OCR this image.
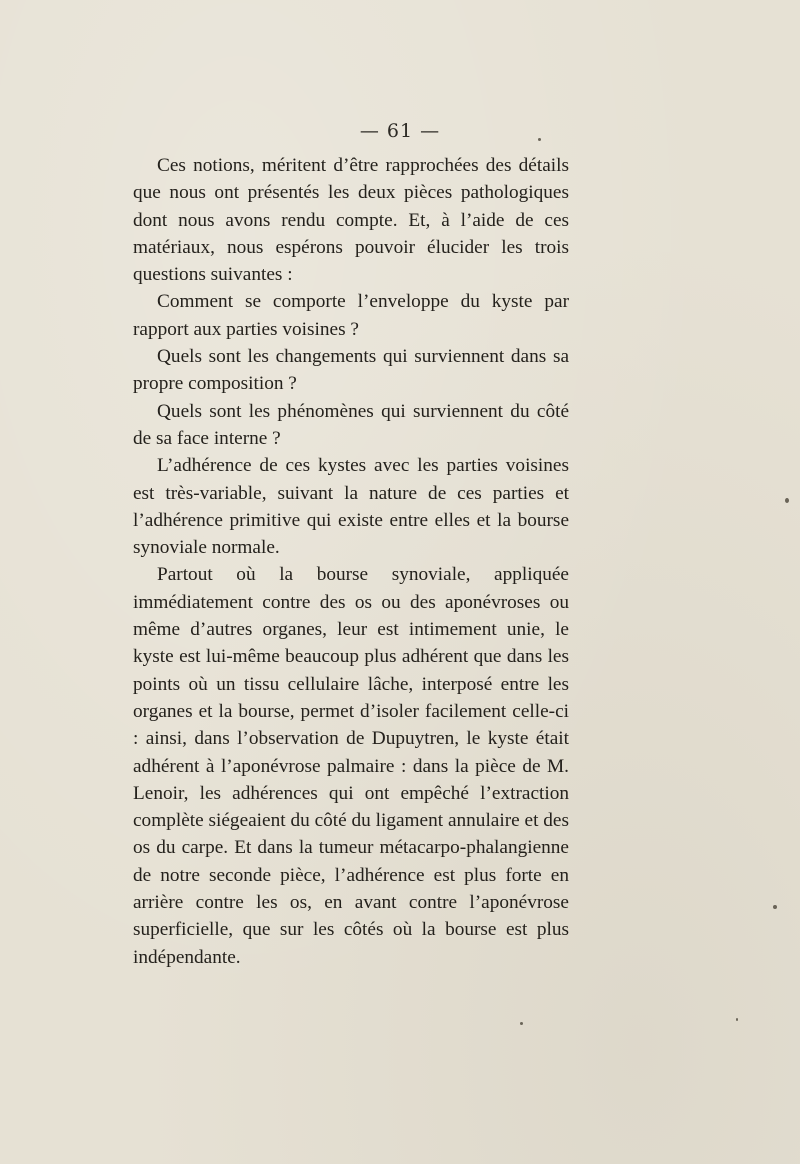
— 61 —

Ces notions, méritent d’être rapprochées des détails que nous ont présentés les deux pièces pathologiques dont nous avons rendu compte. Et, à l’aide de ces matériaux, nous espérons pouvoir élucider les trois questions suivantes :

Comment se comporte l’enveloppe du kyste par rapport aux parties voisines ?

Quels sont les changements qui surviennent dans sa propre composition ?

Quels sont les phénomènes qui surviennent du côté de sa face interne ?

L’adhérence de ces kystes avec les parties voisines est très-variable, suivant la nature de ces parties et l’adhérence primitive qui existe entre elles et la bourse synoviale normale.

Partout où la bourse synoviale, appliquée immédiatement contre des os ou des aponévroses ou même d’autres organes, leur est intimement unie, le kyste est lui-même beaucoup plus adhérent que dans les points où un tissu cellulaire lâche, interposé entre les organes et la bourse, permet d’isoler facilement celle-ci : ainsi, dans l’observation de Dupuytren, le kyste était adhérent à l’aponévrose palmaire : dans la pièce de M. Lenoir, les adhérences qui ont empêché l’extraction complète siégeaient du côté du ligament annulaire et des os du carpe. Et dans la tumeur métacarpo-phalangienne de notre seconde pièce, l’adhérence est plus forte en arrière contre les os, en avant contre l’aponévrose superficielle, que sur les côtés où la bourse est plus indépendante.
